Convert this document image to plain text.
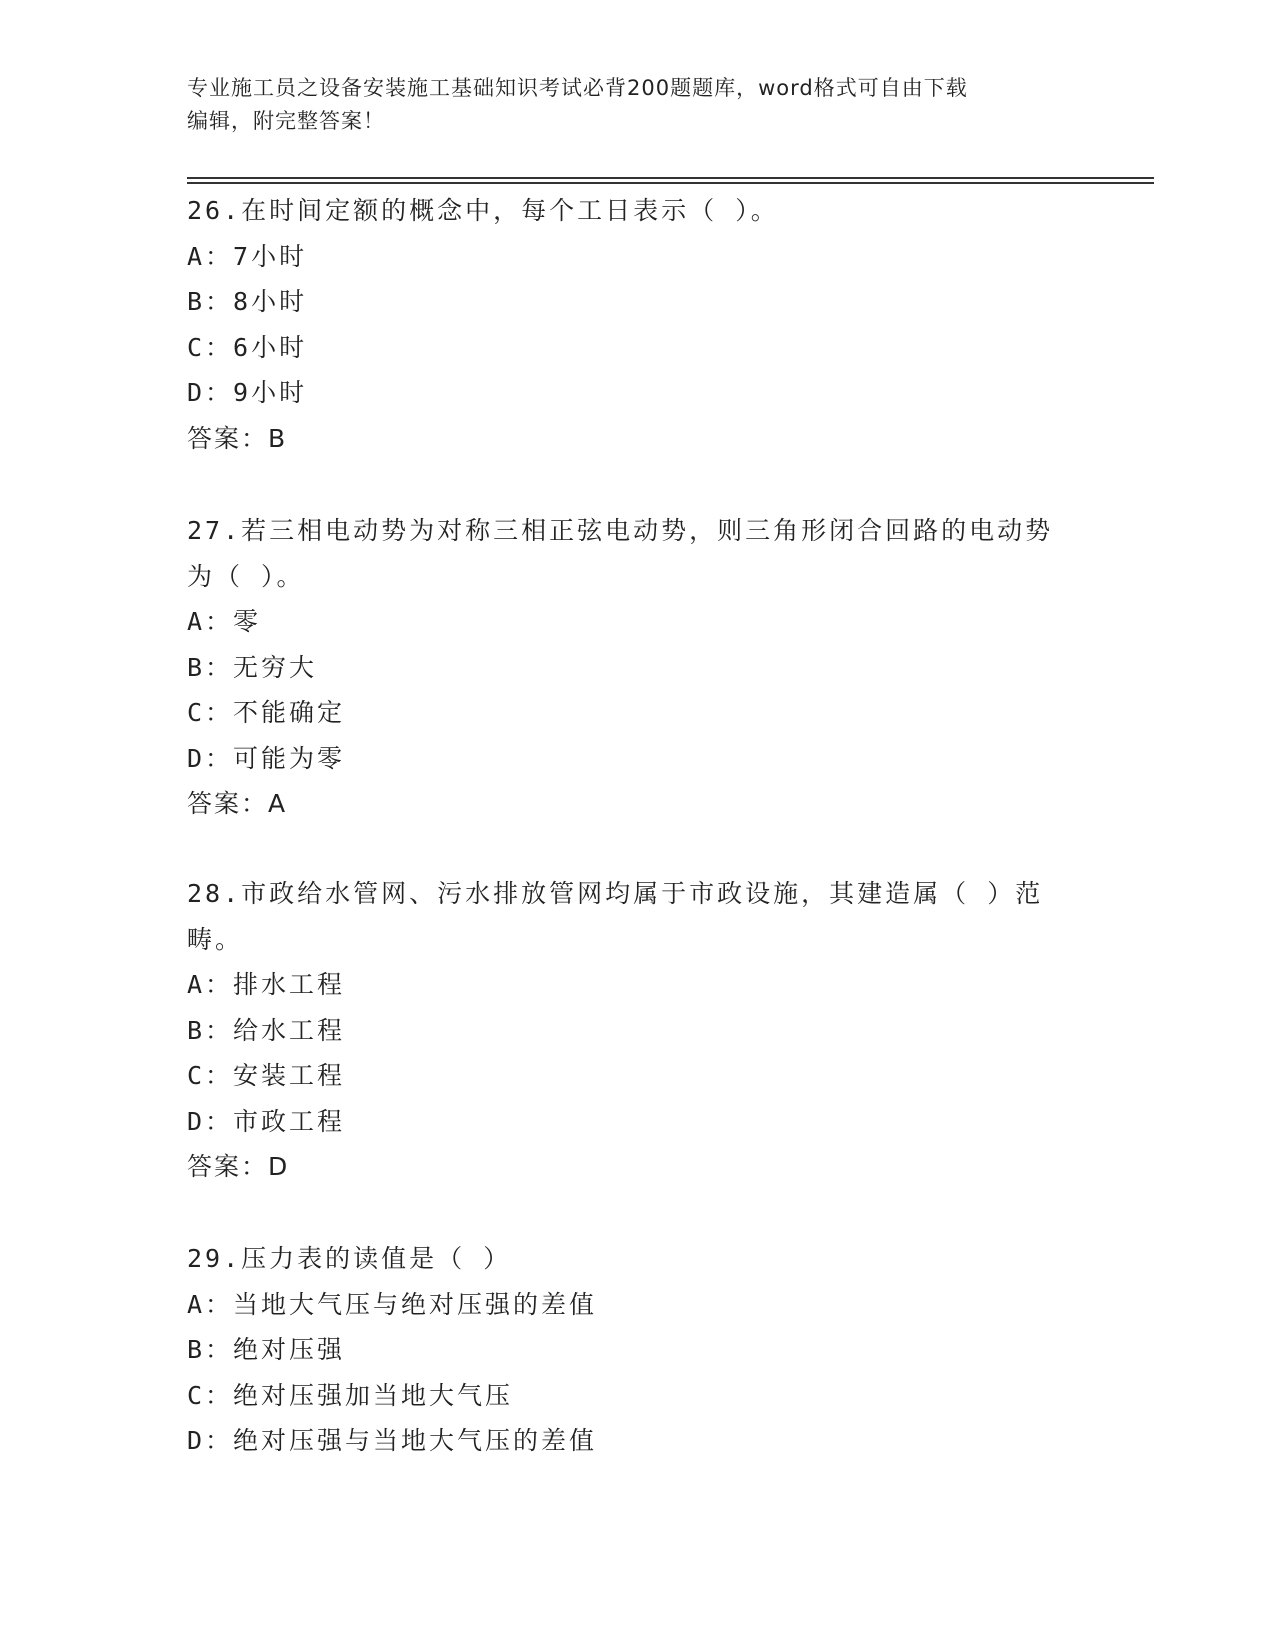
专业施工员之设备安装施工基础知识考试必背200题题库，word格式可自由下载
编辑，附完整答案！
26.在时间定额的概念中，每个工日表示（ ）。
A：7小时
B：8小时
C：6小时
D：9小时
答案：B
27.若三相电动势为对称三相正弦电动势，则三角形闭合回路的电动势
为（ ）。
A：零
B：无穷大
C：不能确定
D：可能为零
答案：A
28.市政给水管网、污水排放管网均属于市政设施，其建造属（ ）范
畴。
A：排水工程
B：给水工程
C：安装工程
D：市政工程
答案：D
29.压力表的读值是（ ）
A：当地大气压与绝对压强的差值
B：绝对压强
C：绝对压强加当地大气压
D：绝对压强与当地大气压的差值
